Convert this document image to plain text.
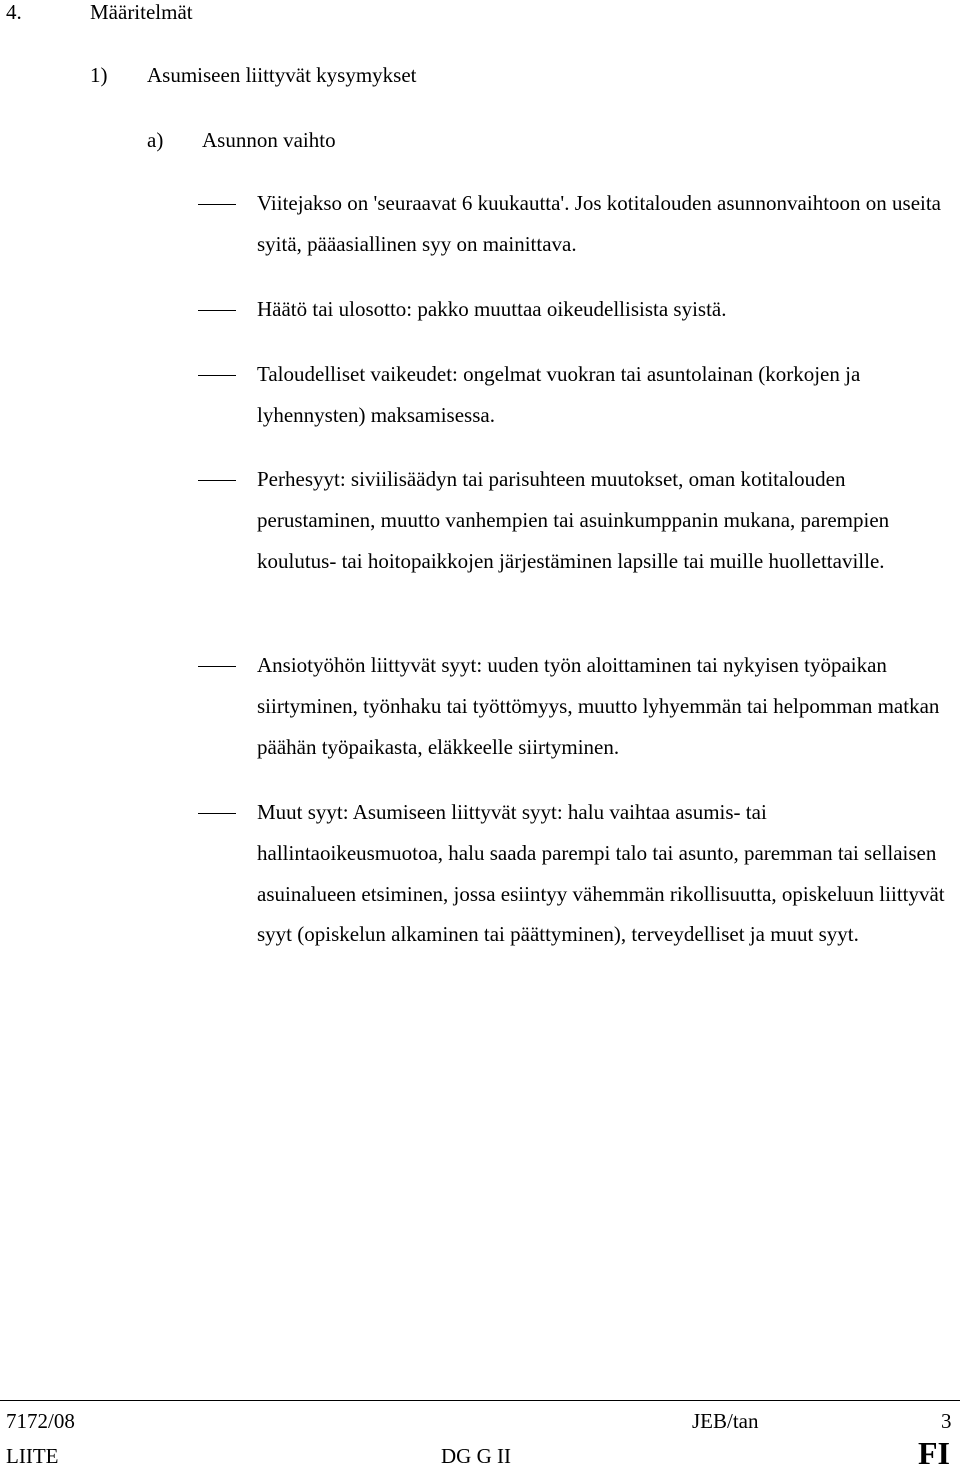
4.	Määritelmät
1) Asumiseen liittyvät kysymykset
a) Asunnon vaihto
Viitejakso on 'seuraavat 6 kuukautta'. Jos kotitalouden asunnonvaihtoon on useita syitä, pääasiallinen syy on mainittava.
Häätö tai ulosotto: pakko muuttaa oikeudellisista syistä.
Taloudelliset vaikeudet: ongelmat vuokran tai asuntolainan (korkojen ja lyhennysten) maksamisessa.
Perhesyyt: siviilisäädyn tai parisuhteen muutokset, oman kotitalouden perustaminen, muutto vanhempien tai asuinkumppanin mukana, parempien koulutus- tai hoitopaikkojen järjestäminen lapsille tai muille huollettaville.
Ansiotyöhön liittyvät syyt: uuden työn aloittaminen tai nykyisen työpaikan siirtyminen, työnhaku tai työttömyys, muutto lyhyemmän tai helpomman matkan päähän työpaikasta, eläkkeelle siirtyminen.
Muut syyt: Asumiseen liittyvät syyt: halu vaihtaa asumis- tai hallintaoikeusmuotoa, halu saada parempi talo tai asunto, paremman tai sellaisen asuinalueen etsiminen, jossa esiintyy vähemmän rikollisuutta, opiskeluun liittyvät syyt (opiskelun alkaminen tai päättyminen), terveydelliset ja muut syyt.
7172/08	JEB/tan	3
LIITE	DG G II	FI
